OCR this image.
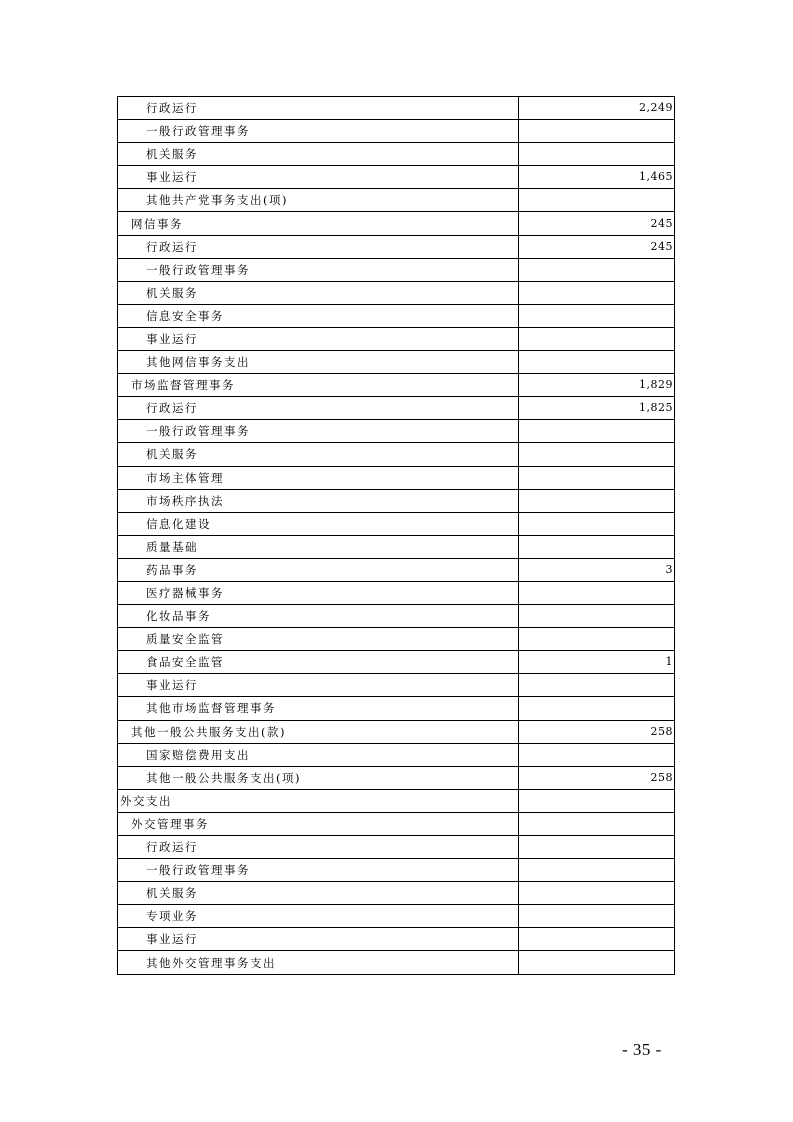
行政运行	2,249
一般行政管理事务	
机关服务	
事业运行	1,465
其他共产党事务支出(项)	
网信事务	245
行政运行	245
一般行政管理事务	
机关服务	
信息安全事务	
事业运行	
其他网信事务支出	
市场监督管理事务	1,829
行政运行	1,825
一般行政管理事务	
机关服务	
市场主体管理	
市场秩序执法	
信息化建设	
质量基础	
药品事务	3
医疗器械事务	
化妆品事务	
质量安全监管	
食品安全监管	1
事业运行	
其他市场监督管理事务	
其他一般公共服务支出(款)	258
国家赔偿费用支出	
其他一般公共服务支出(项)	258
外交支出	
外交管理事务	
行政运行	
一般行政管理事务	
机关服务	
专项业务	
事业运行	
其他外交管理事务支出	
- 35 -
